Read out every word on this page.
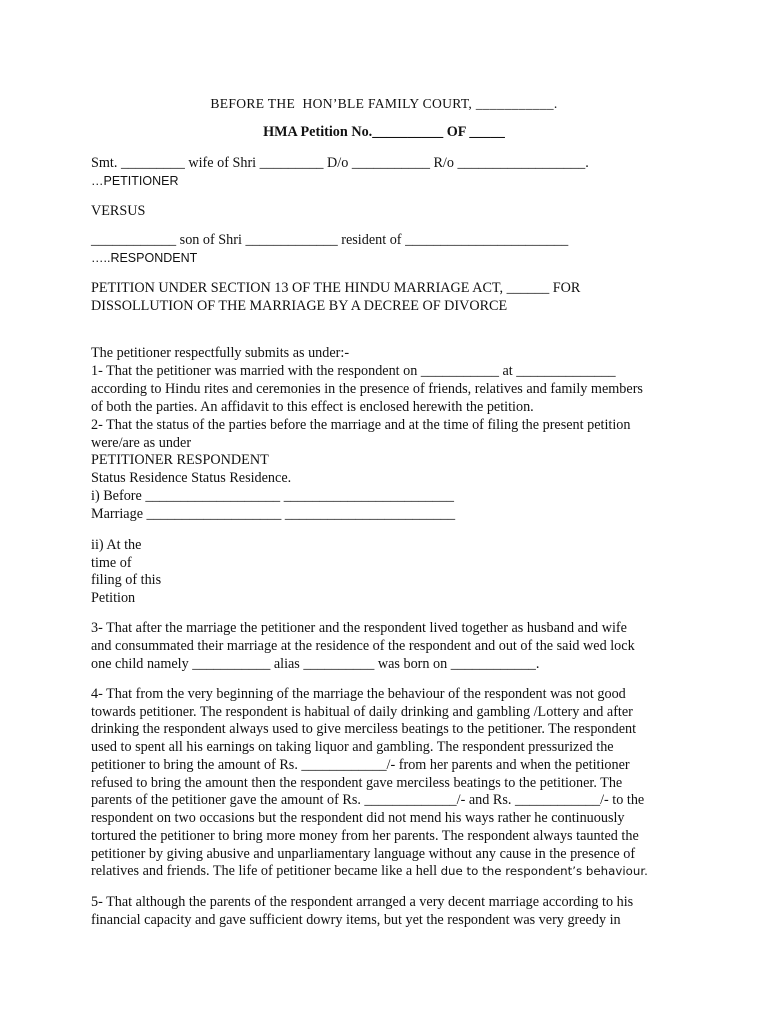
BEFORE THE  HON’BLE FAMILY COURT, ___________.
HMA Petition No.__________ OF _____
Smt. _________ wife of Shri _________ D/o ___________ R/o __________________.
…PETITIONER
VERSUS
____________ son of Shri _____________ resident of _______________________
…..RESPONDENT
PETITION UNDER SECTION 13 OF THE HINDU MARRIAGE ACT, ______ FOR
DISSOLLUTION OF THE MARRIAGE BY A DECREE OF DIVORCE
The petitioner respectfully submits as under:-
1- That the petitioner was married with the respondent on ___________ at ______________
according to Hindu rites and ceremonies in the presence of friends, relatives and family members
of both the parties. An affidavit to this effect is enclosed herewith the petition.
2- That the status of the parties before the marriage and at the time of filing the present petition
were/are as under
PETITIONER RESPONDENT
Status Residence Status Residence.
i) Before ___________________ ________________________
Marriage ___________________ ________________________
ii) At the
time of
filing of this
Petition
3- That after the marriage the petitioner and the respondent lived together as husband and wife
and consummated their marriage at the residence of the respondent and out of the said wed lock
one child namely ___________ alias __________ was born on ____________.
4- That from the very beginning of the marriage the behaviour of the respondent was not good
towards petitioner. The respondent is habitual of daily drinking and gambling /Lottery and after
drinking the respondent always used to give merciless beatings to the petitioner. The respondent
used to spent all his earnings on taking liquor and gambling. The respondent pressurized the
petitioner to bring the amount of Rs. ____________/- from her parents and when the petitioner
refused to bring the amount then the respondent gave merciless beatings to the petitioner. The
parents of the petitioner gave the amount of Rs. _____________/- and Rs. ____________/- to the
respondent on two occasions but the respondent did not mend his ways rather he continuously
tortured the petitioner to bring more money from her parents. The respondent always taunted the
petitioner by giving abusive and unparliamentary language without any cause in the presence of
relatives and friends. The life of petitioner became like a hell due to the respondent’s behaviour.
5- That although the parents of the respondent arranged a very decent marriage according to his
financial capacity and gave sufficient dowry items, but yet the respondent was very greedy in
